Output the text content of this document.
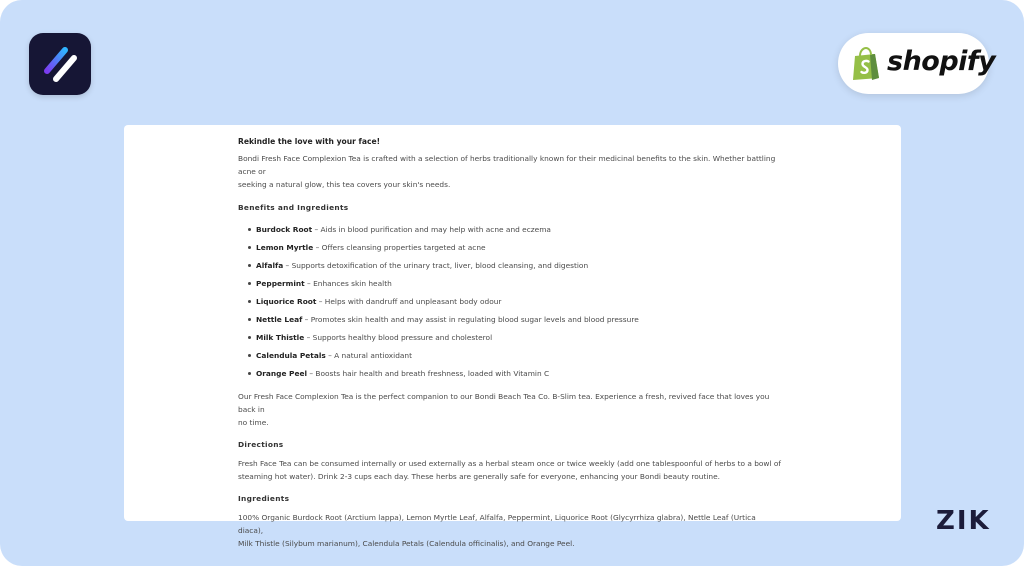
shopify

Rekindle the love with your face!

Bondi Fresh Face Complexion Tea is crafted with a selection of herbs traditionally known for their medicinal benefits to the skin. Whether battling acne or

seeking a natural glow, this tea covers your skin's needs.

Benefits and Ingredients

Burdock Root – Aids in blood purification and may help with acne and eczema
Lemon Myrtle – Offers cleansing properties targeted at acne
Alfalfa – Supports detoxification of the urinary tract, liver, blood cleansing, and digestion
Peppermint – Enhances skin health
Liquorice Root – Helps with dandruff and unpleasant body odour
Nettle Leaf – Promotes skin health and may assist in regulating blood sugar levels and blood pressure
Milk Thistle – Supports healthy blood pressure and cholesterol
Calendula Petals – A natural antioxidant
Orange Peel – Boosts hair health and breath freshness, loaded with Vitamin C

Our Fresh Face Complexion Tea is the perfect companion to our Bondi Beach Tea Co. B-Slim tea. Experience a fresh, revived face that loves you back in

no time.

Directions

Fresh Face Tea can be consumed internally or used externally as a herbal steam once or twice weekly (add one tablespoonful of herbs to a bowl of

steaming hot water). Drink 2-3 cups each day. These herbs are generally safe for everyone, enhancing your Bondi beauty routine.

Ingredients

100% Organic Burdock Root (Arctium lappa), Lemon Myrtle Leaf, Alfalfa, Peppermint, Liquorice Root (Glycyrrhiza glabra), Nettle Leaf (Urtica diaca),

Milk Thistle (Silybum marianum), Calendula Petals (Calendula officinalis), and Orange Peel.

ZIK
